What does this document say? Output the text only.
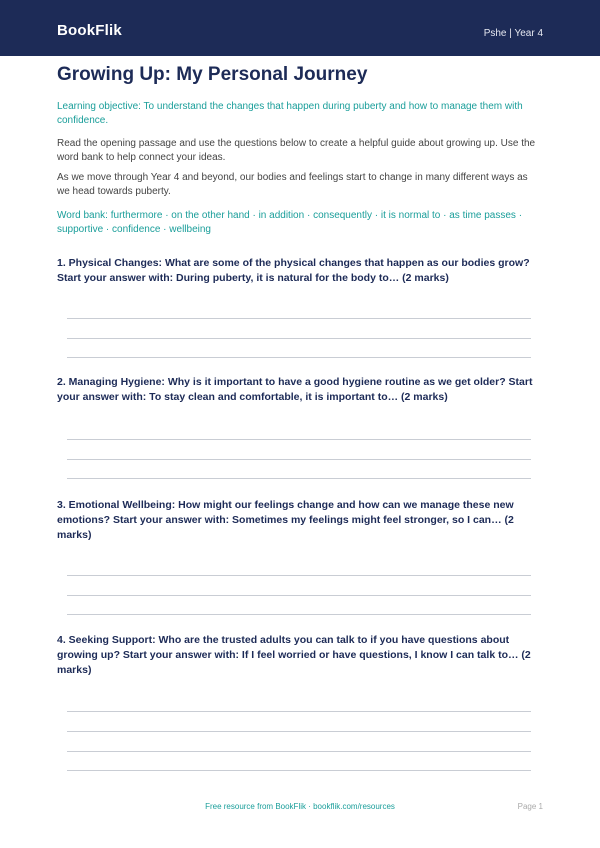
BookFlik	Pshe | Year 4
Growing Up: My Personal Journey

Learning objective: To understand the changes that happen during puberty and how to manage them with confidence.

Read the opening passage and use the questions below to create a helpful guide about growing up. Use the word bank to help connect your ideas.

As we move through Year 4 and beyond, our bodies and feelings start to change in many different ways as we head towards puberty.

Word bank: furthermore · on the other hand · in addition · consequently · it is normal to · as time passes · supportive · confidence · wellbeing

1. Physical Changes: What are some of the physical changes that happen as our bodies grow? Start your answer with: During puberty, it is natural for the body to… (2 marks)

2. Managing Hygiene: Why is it important to have a good hygiene routine as we get older? Start your answer with: To stay clean and comfortable, it is important to… (2 marks)

3. Emotional Wellbeing: How might our feelings change and how can we manage these new emotions? Start your answer with: Sometimes my feelings might feel stronger, so I can… (2 marks)

4. Seeking Support: Who are the trusted adults you can talk to if you have questions about growing up? Start your answer with: If I feel worried or have questions, I know I can talk to… (2 marks)

Free resource from BookFlik · bookflik.com/resources	Page 1
